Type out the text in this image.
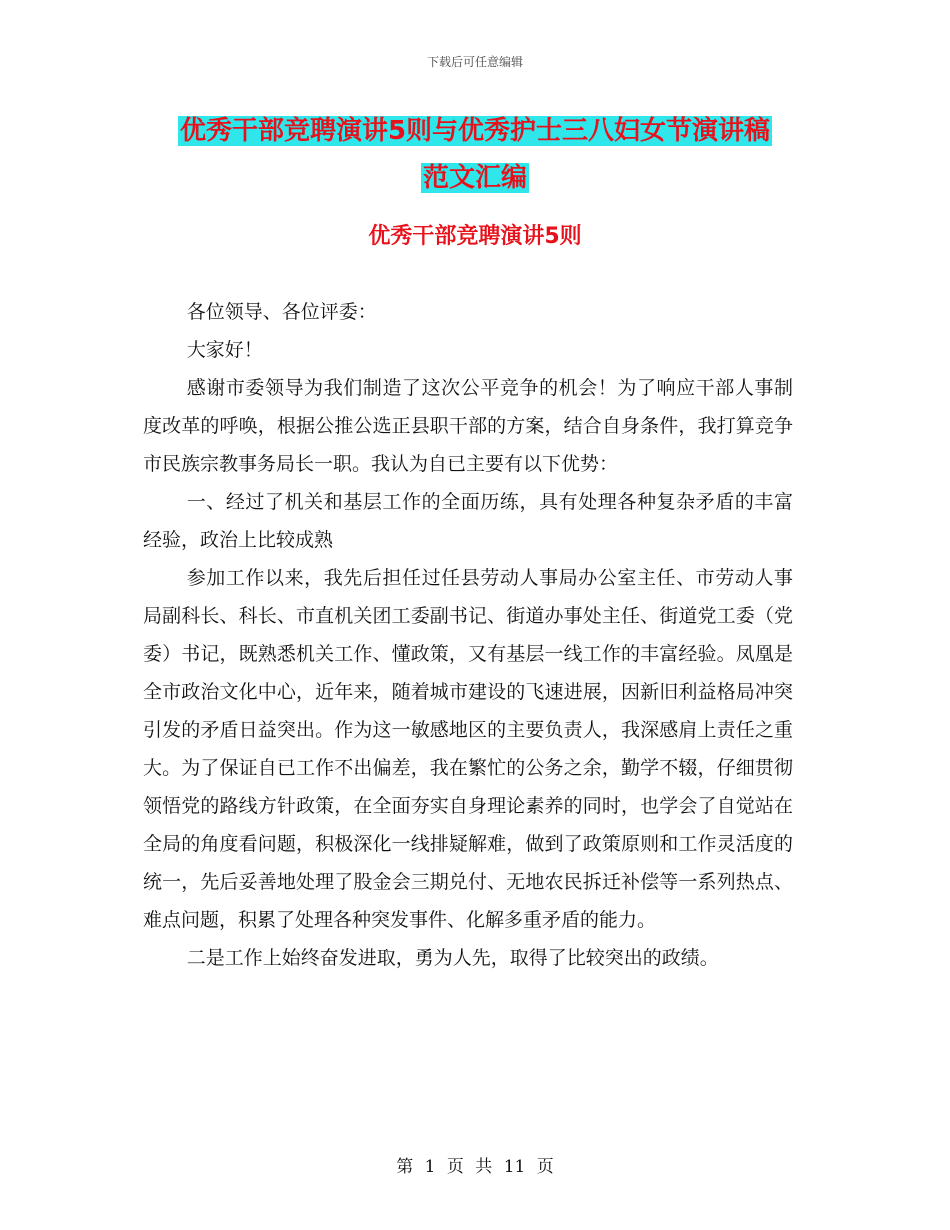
下载后可任意编辑
优秀干部竞聘演讲5则与优秀护士三八妇女节演讲稿
范文汇编
优秀干部竞聘演讲5则

各位领导、各位评委：

大家好！

感谢市委领导为我们制造了这次公平竞争的机会！为了响应干部人事制度改革的呼唤，根据公推公选正县职干部的方案，结合自身条件，我打算竞争市民族宗教事务局长一职。我认为自已主要有以下优势：

一、经过了机关和基层工作的全面历练，具有处理各种复杂矛盾的丰富经验，政治上比较成熟

参加工作以来，我先后担任过任县劳动人事局办公室主任、市劳动人事局副科长、科长、市直机关团工委副书记、街道办事处主任、街道党工委（党委）书记，既熟悉机关工作、懂政策，又有基层一线工作的丰富经验。凤凰是全市政治文化中心，近年来，随着城市建设的飞速进展，因新旧利益格局冲突引发的矛盾日益突出。作为这一敏感地区的主要负责人，我深感肩上责任之重大。为了保证自已工作不出偏差，我在繁忙的公务之余，勤学不辍，仔细贯彻领悟党的路线方针政策，在全面夯实自身理论素养的同时，也学会了自觉站在全局的角度看问题，积极深化一线排疑解难，做到了政策原则和工作灵活度的统一，先后妥善地处理了股金会三期兑付、无地农民拆迁补偿等一系列热点、难点问题，积累了处理各种突发事件、化解多重矛盾的能力。

二是工作上始终奋发进取，勇为人先，取得了比较突出的政绩。

第 1 页 共 11 页
